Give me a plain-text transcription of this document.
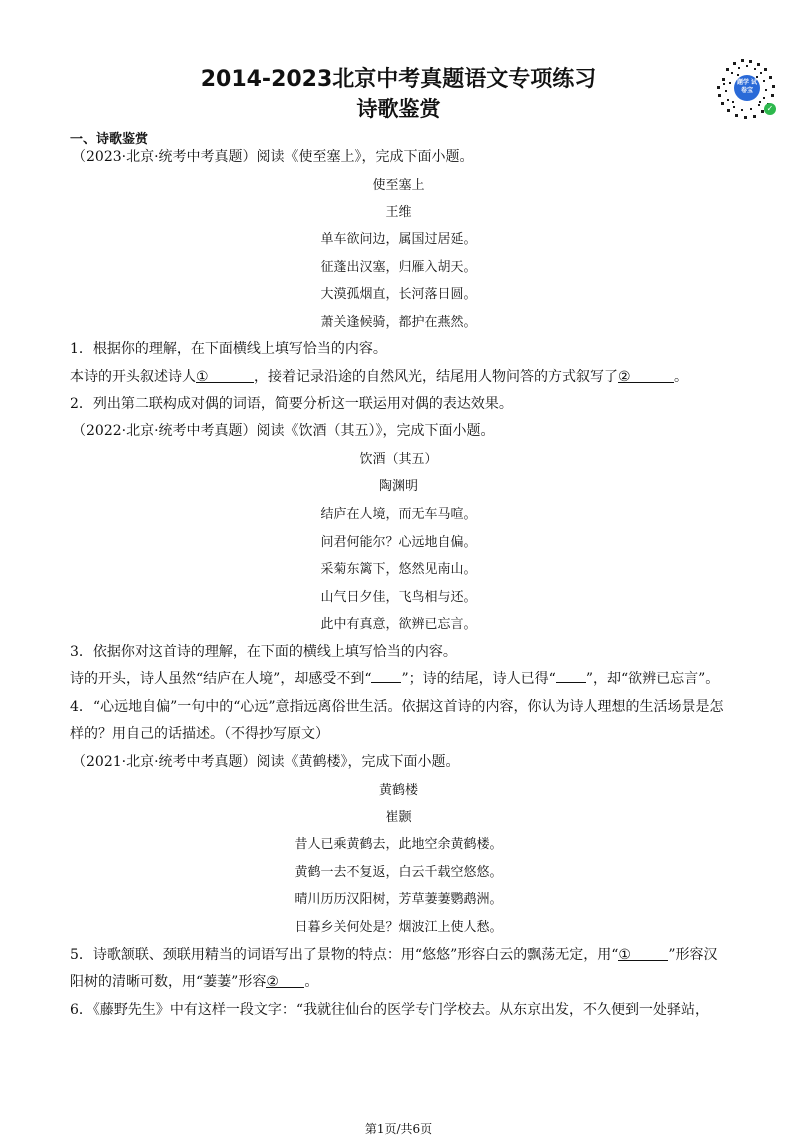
2014-2023北京中考真题语文专项练习
诗歌鉴赏
题学 试卷宝
✓
一、诗歌鉴赏
（2023·北京·统考中考真题）阅读《使至塞上》，完成下面小题。
使至塞上
王维
单车欲问边，属国过居延。
征蓬出汉塞，归雁入胡天。
大漠孤烟直，长河落日圆。
萧关逢候骑，都护在燕然。
1．根据你的理解，在下面横线上填写恰当的内容。
本诗的开头叙述诗人①	，接着记录沿途的自然风光，结尾用人物问答的方式叙写了②	。
2．列出第二联构成对偶的词语，简要分析这一联运用对偶的表达效果。
（2022·北京·统考中考真题）阅读《饮酒（其五）》，完成下面小题。
饮酒（其五）
陶渊明
结庐在人境，而无车马喧。
问君何能尔？心远地自偏。
采菊东篱下，悠然见南山。
山气日夕佳，飞鸟相与还。
此中有真意，欲辨已忘言。
3．依据你对这首诗的理解，在下面的横线上填写恰当的内容。
诗的开头，诗人虽然“结庐在人境”，却感受不到“ ”；诗的结尾，诗人已得“ ”，却“欲辨已忘言”。
4．“心远地自偏”一句中的“心远”意指远离俗世生活。依据这首诗的内容，你认为诗人理想的生活场景是怎
样的？用自己的话描述。（不得抄写原文）
（2021·北京·统考中考真题）阅读《黄鹤楼》，完成下面小题。
黄鹤楼
崔颢
昔人已乘黄鹤去，此地空余黄鹤楼。
黄鹤一去不复返，白云千载空悠悠。
晴川历历汉阳树，芳草萋萋鹦鹉洲。
日暮乡关何处是？烟波江上使人愁。
5．诗歌颔联、颈联用精当的词语写出了景物的特点：用“悠悠”形容白云的飘荡无定，用“①	”形容汉
阳树的清晰可数，用“萋萋”形容② 。
6．《藤野先生》中有这样一段文字：“我就往仙台的医学专门学校去。从东京出发，不久便到一处驿站，
第1页/共6页
